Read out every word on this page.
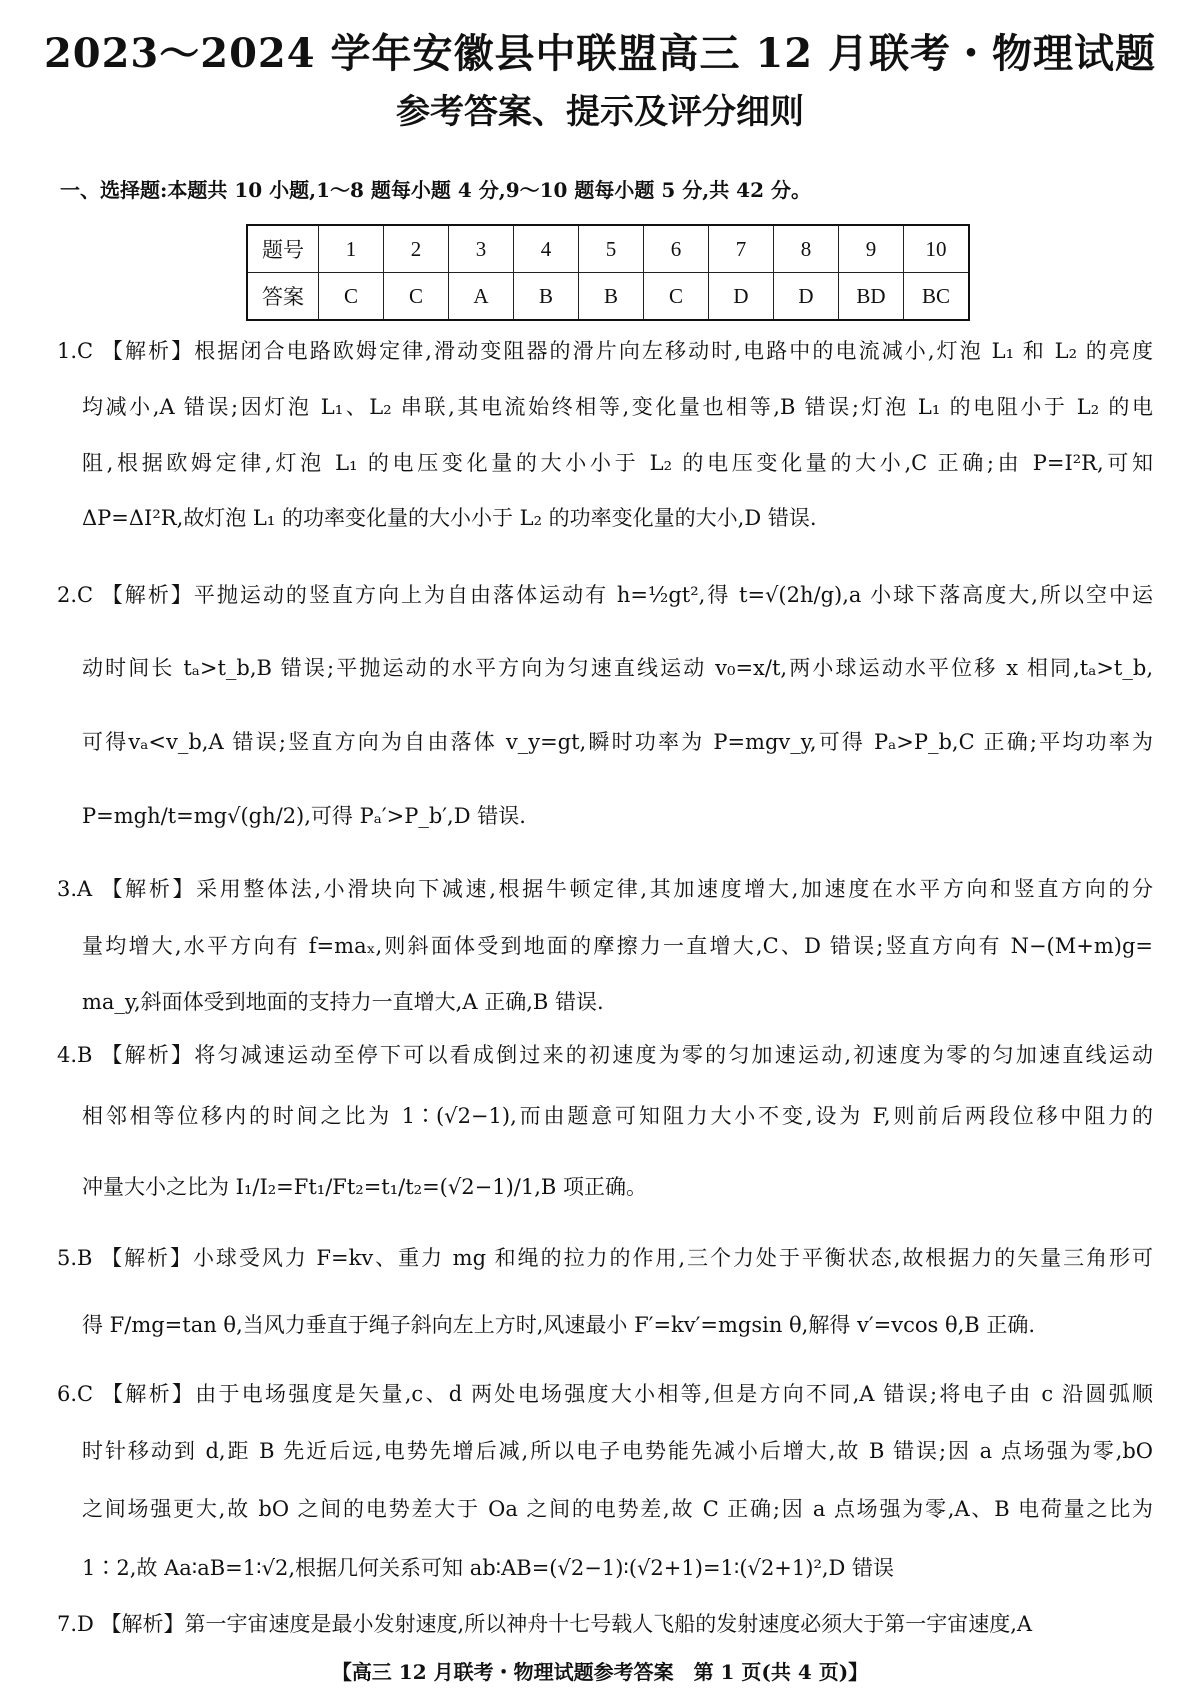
2023～2024 学年安徽县中联盟高三 12 月联考・物理试题
参考答案、提示及评分细则
一、选择题:本题共 10 小题,1～8 题每小题 4 分,9～10 题每小题 5 分,共 42 分。
题号	1	2	3	4	5	6	7	8	9	10
答案	C	C	A	B	B	C	D	D	BD	BC
1.C 【解析】根据闭合电路欧姆定律,滑动变阻器的滑片向左移动时,电路中的电流减小,灯泡 L₁ 和 L₂ 的亮度
均减小,A 错误;因灯泡 L₁、L₂ 串联,其电流始终相等,变化量也相等,B 错误;灯泡 L₁ 的电阻小于 L₂ 的电
阻,根据欧姆定律,灯泡 L₁ 的电压变化量的大小小于 L₂ 的电压变化量的大小,C 正确;由 P=I²R,可知
ΔP=ΔI²R,故灯泡 L₁ 的功率变化量的大小小于 L₂ 的功率变化量的大小,D 错误.
2.C 【解析】平抛运动的竖直方向上为自由落体运动有 h=½gt²,得 t=√(2h/g),a 小球下落高度大,所以空中运
动时间长 tₐ>t_b,B 错误;平抛运动的水平方向为匀速直线运动 v₀=x/t,两小球运动水平位移 x 相同,tₐ>t_b,
可得vₐ<v_b,A 错误;竖直方向为自由落体 v_y=gt,瞬时功率为 P=mgv_y,可得 Pₐ>P_b,C 正确;平均功率为
P=mgh/t=mg√(gh/2),可得 Pₐ′>P_b′,D 错误.
3.A 【解析】采用整体法,小滑块向下减速,根据牛顿定律,其加速度增大,加速度在水平方向和竖直方向的分
量均增大,水平方向有 f=maₓ,则斜面体受到地面的摩擦力一直增大,C、D 错误;竖直方向有 N−(M+m)g=
ma_y,斜面体受到地面的支持力一直增大,A 正确,B 错误.
4.B 【解析】将匀减速运动至停下可以看成倒过来的初速度为零的匀加速运动,初速度为零的匀加速直线运动
相邻相等位移内的时间之比为 1∶(√2−1),而由题意可知阻力大小不变,设为 F,则前后两段位移中阻力的
冲量大小之比为 I₁/I₂=Ft₁/Ft₂=t₁/t₂=(√2−1)/1,B 项正确。
5.B 【解析】小球受风力 F=kv、重力 mg 和绳的拉力的作用,三个力处于平衡状态,故根据力的矢量三角形可
得 F/mg=tan θ,当风力垂直于绳子斜向左上方时,风速最小 F′=kv′=mgsin θ,解得 v′=vcos θ,B 正确.
6.C 【解析】由于电场强度是矢量,c、d 两处电场强度大小相等,但是方向不同,A 错误;将电子由 c 沿圆弧顺
时针移动到 d,距 B 先近后远,电势先增后减,所以电子电势能先减小后增大,故 B 错误;因 a 点场强为零,bO
之间场强更大,故 bO 之间的电势差大于 Oa 之间的电势差,故 C 正确;因 a 点场强为零,A、B 电荷量之比为
1∶2,故 Aa∶aB=1∶√2,根据几何关系可知 ab∶AB=(√2−1)∶(√2+1)=1∶(√2+1)²,D 错误
7.D 【解析】第一宇宙速度是最小发射速度,所以神舟十七号载人飞船的发射速度必须大于第一宇宙速度,A
【高三 12 月联考・物理试题参考答案　第 1 页(共 4 页)】
